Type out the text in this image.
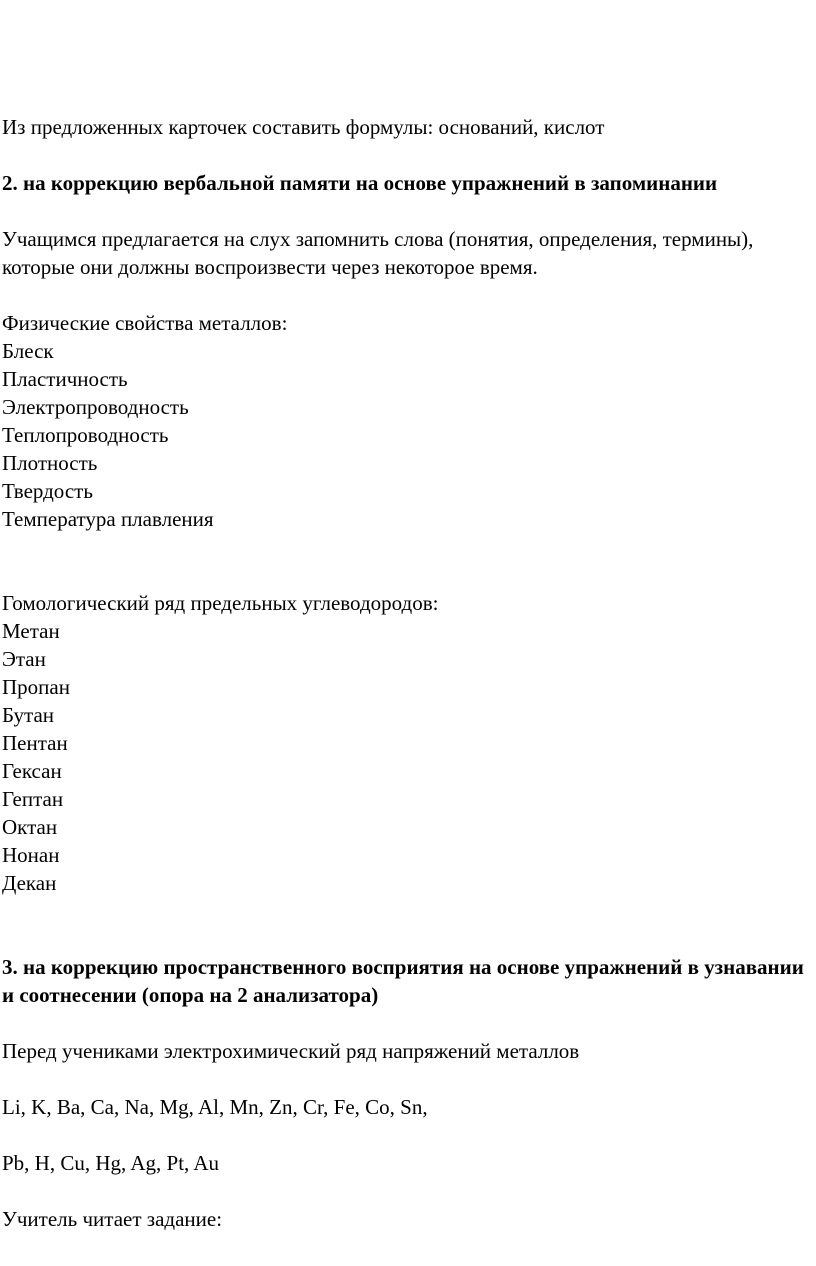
Из предложенных карточек составить формулы: оснований, кислот

2. на коррекцию вербальной памяти на основе упражнений в запоминании

Учащимся предлагается на слух запомнить слова (понятия, определения, термины), которые они должны воспроизвести через некоторое время.

Физические свойства металлов:

Блеск
Пластичность
Электропроводность
Теплопроводность
Плотность
Твердость
Температура плавления

Гомологический ряд предельных углеводородов:

Метан
Этан
Пропан
Бутан
Пентан
Гексан
Гептан
Октан
Нонан
Декан

3. на коррекцию пространственного восприятия на основе упражнений в узнавании и соотнесении (опора на 2 анализатора)

Перед учениками электрохимический ряд напряжений металлов

Li, K, Ba, Ca, Na, Mg, Al, Mn, Zn, Cr, Fe, Co, Sn,

Pb, H, Cu, Hg, Ag, Pt, Au

Учитель читает задание:
